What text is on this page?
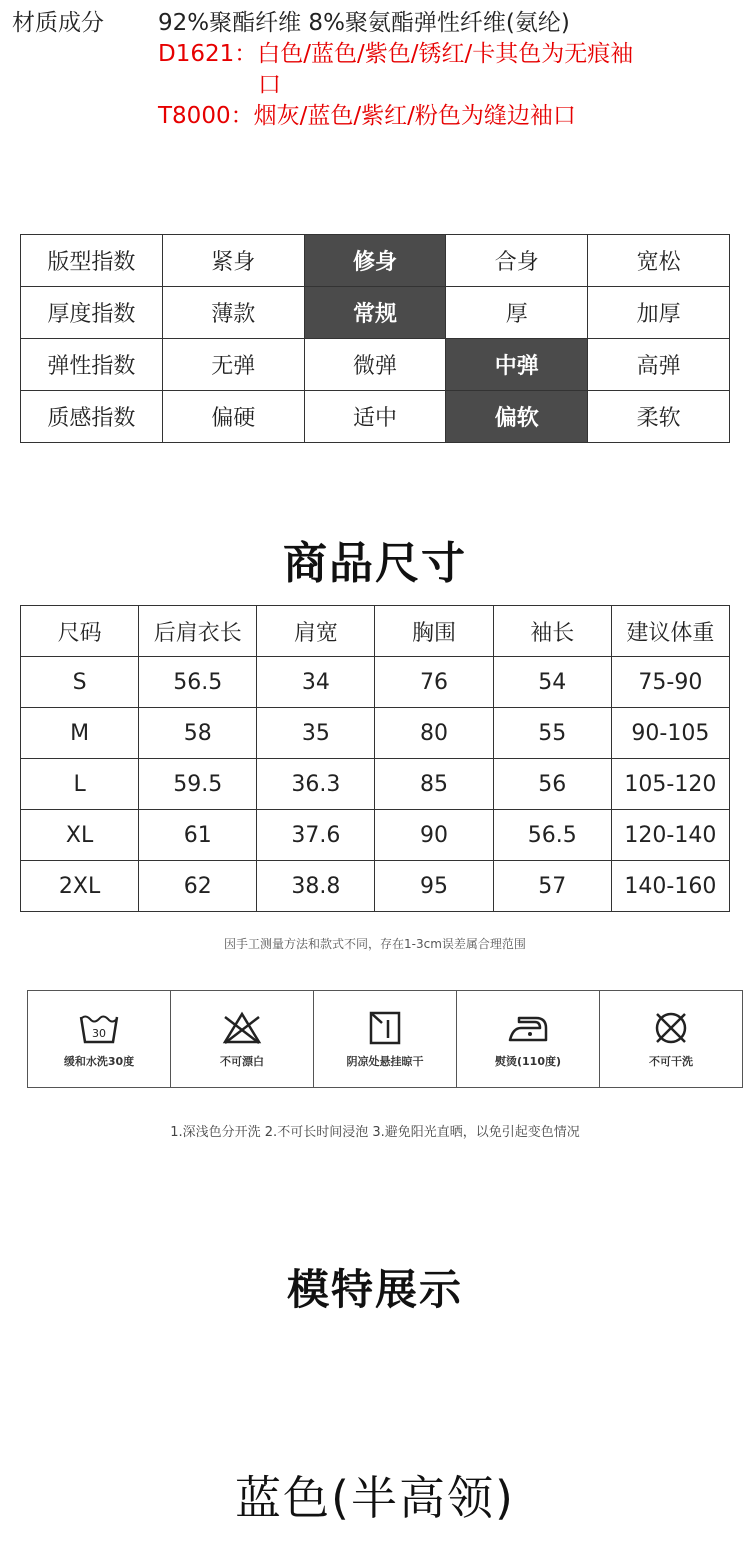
材质成分	92%聚酯纤维 8%聚氨酯弹性纤维(氨纶)
D1621：白色/蓝色/紫色/锈红/卡其色为无痕袖
口
T8000：烟灰/蓝色/紫红/粉色为缝边袖口
版型指数	紧身	修身	合身	宽松
厚度指数	薄款	常规	厚	加厚
弹性指数	无弹	微弹	中弹	高弹
质感指数	偏硬	适中	偏软	柔软
商品尺寸
尺码	后肩衣长	肩宽	胸围	袖长	建议体重
S	56.5	34	76	54	75-90
M	58	35	80	55	90-105
L	59.5	36.3	85	56	105-120
XL	61	37.6	90	56.5	120-140
2XL	62	38.8	95	57	140-160
因手工测量方法和款式不同，存在1-3cm误差属合理范围
30
缓和水洗30度	不可漂白	阴凉处悬挂晾干	熨烫(110度)	不可干洗
1.深浅色分开洗 2.不可长时间浸泡 3.避免阳光直晒，以免引起变色情况
模特展示
蓝色(半高领)
